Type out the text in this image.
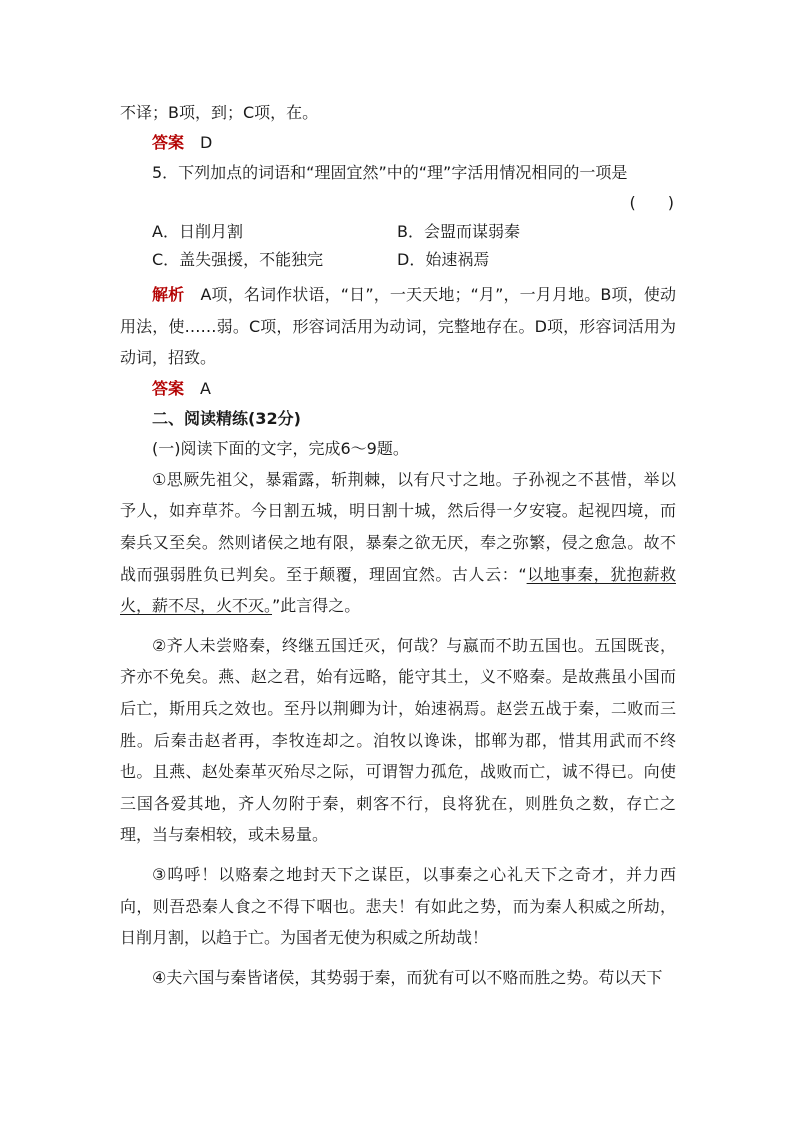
不译；B项，到；C项，在。
答案　 D
5．下列加点的词语和“理固宜然”中的“理”字活用情况相同的一项是
(　　)
A．日削月割	B．会盟而谋弱秦
C．盖失强援，不能独完	D．始速祸焉
解析　 A项，名词作状语，“日”，一天天地；“月”，一月月地。B项，使动用法，使……弱。C项，形容词活用为动词，完整地存在。D项，形容词活用为动词，招致。
答案　 A
二、阅读精练(32分)
(一)阅读下面的文字，完成6～9题。
①思厥先祖父，暴霜露，斩荆棘，以有尺寸之地。子孙视之不甚惜，举以予人，如弃草芥。今日割五城，明日割十城，然后得一夕安寝。起视四境，而秦兵又至矣。然则诸侯之地有限，暴秦之欲无厌，奉之弥繁，侵之愈急。故不战而强弱胜负已判矣。至于颠覆，理固宜然。古人云：“以地事秦，犹抱薪救火，薪不尽，火不灭。”此言得之。
②齐人未尝赂秦，终继五国迁灭，何哉？与嬴而不助五国也。五国既丧，齐亦不免矣。燕、赵之君，始有远略，能守其土，义不赂秦。是故燕虽小国而后亡，斯用兵之效也。至丹以荆卿为计，始速祸焉。赵尝五战于秦，二败而三胜。后秦击赵者再，李牧连却之。洎牧以谗诛，邯郸为郡，惜其用武而不终也。且燕、赵处秦革灭殆尽之际，可谓智力孤危，战败而亡，诚不得已。向使三国各爱其地，齐人勿附于秦，刺客不行，良将犹在，则胜负之数，存亡之理，当与秦相较，或未易量。
③呜呼！以赂秦之地封天下之谋臣，以事秦之心礼天下之奇才，并力西向，则吾恐秦人食之不得下咽也。悲夫！有如此之势，而为秦人积威之所劫，日削月割，以趋于亡。为国者无使为积威之所劫哉！
④夫六国与秦皆诸侯，其势弱于秦，而犹有可以不赂而胜之势。苟以天下
